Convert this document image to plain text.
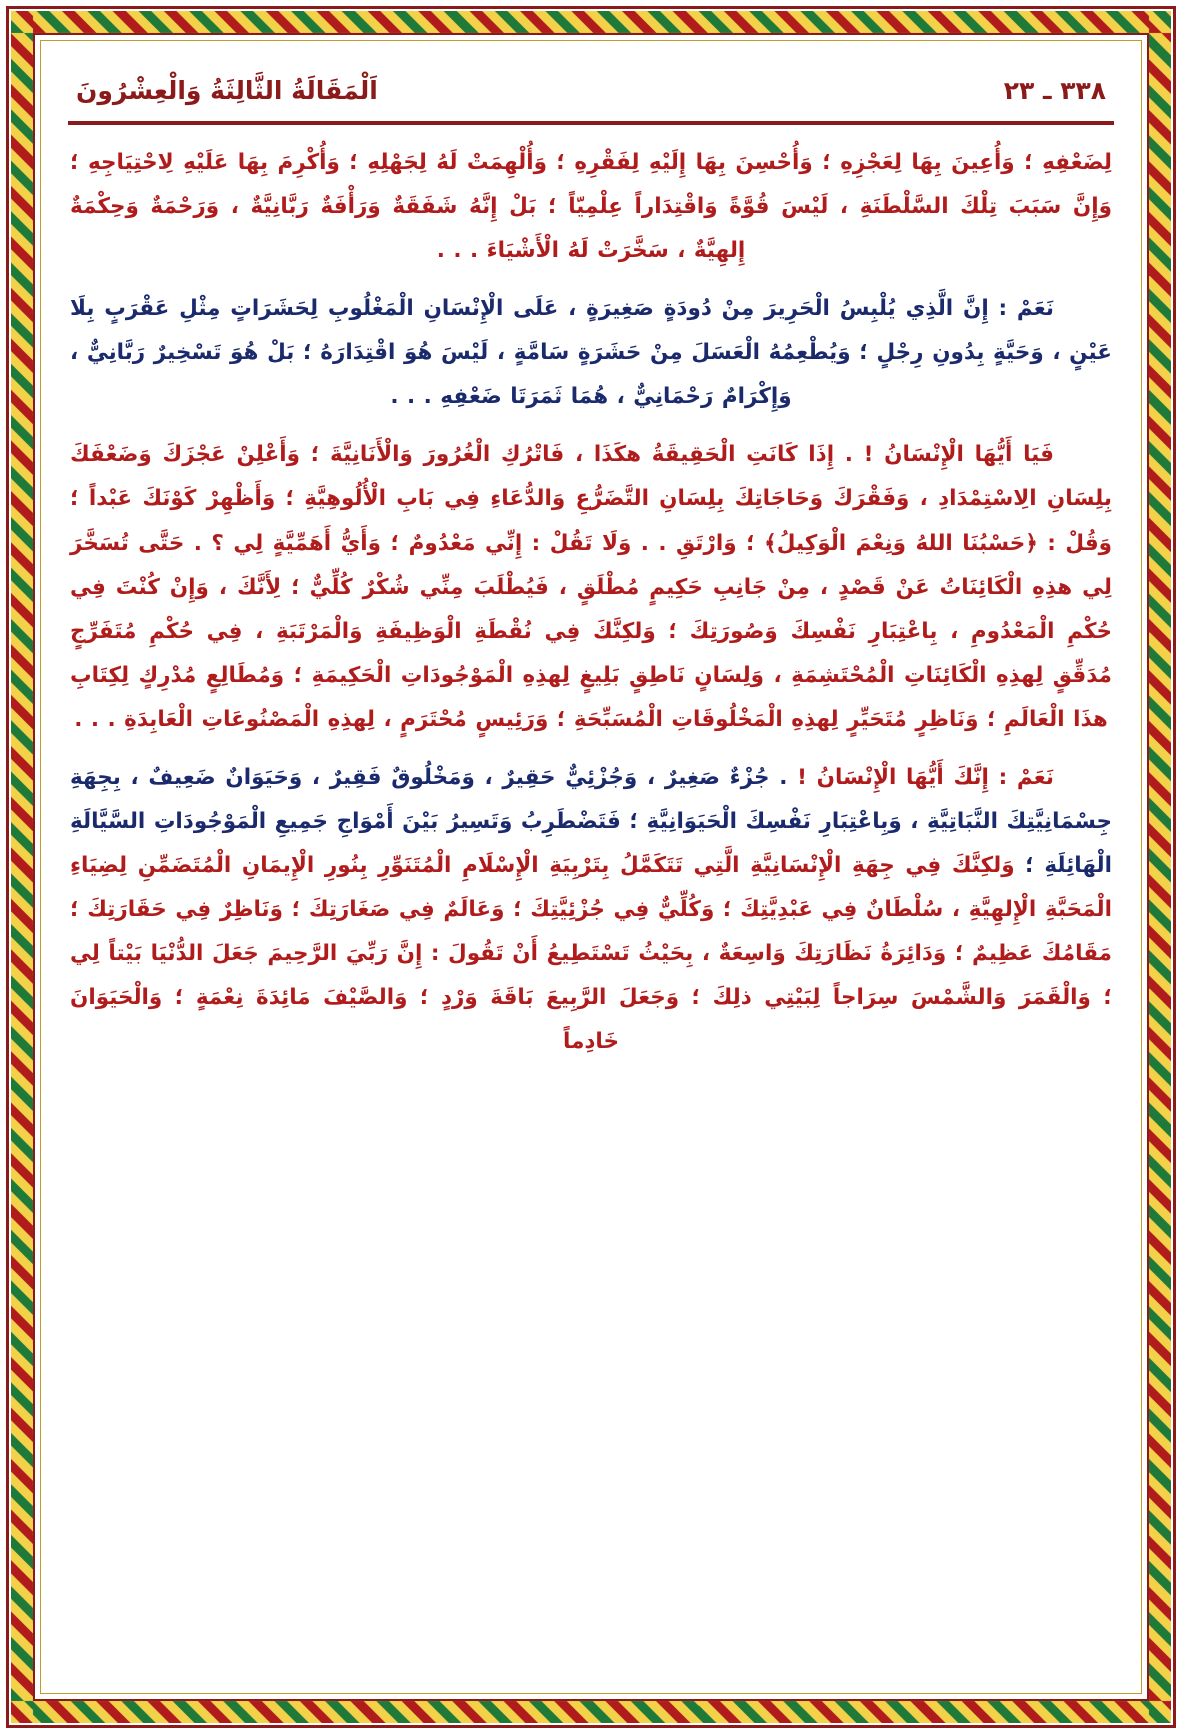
اَلْمَقَالَةُ الثَّالِثَةُ وَالْعِشْرُونَ	٣٣٨ ـ ٢٣

لِضَعْفِهِ ؛ وَأُعِينَ بِهَا لِعَجْزِهِ ؛ وَأُحْسِنَ بِهَا إِلَيْهِ لِفَقْرِهِ ؛ وَأُلْهِمَتْ لَهُ لِجَهْلِهِ ؛ وَأُكْرِمَ بِهَا عَلَيْهِ لِاحْتِيَاجِهِ ؛ وَإِنَّ سَبَبَ تِلْكَ السَّلْطَنَةِ ، لَيْسَ قُوَّةً وَاقْتِدَاراً عِلْمِيّاً ؛ بَلْ إِنَّهُ شَفَقَةٌ وَرَأْفَةٌ رَبَّانِيَّةٌ ، وَرَحْمَةٌ وَحِكْمَةٌ إِلهِيَّةٌ ، سَخَّرَتْ لَهُ الْأَشْيَاءَ . . .

نَعَمْ : إِنَّ الَّذِي يُلْبِسُ الْحَرِيرَ مِنْ دُودَةٍ صَغِيرَةٍ ، عَلَى الْإِنْسَانِ الْمَغْلُوبِ لِحَشَرَاتٍ مِثْلِ عَقْرَبٍ بِلَا عَيْنٍ ، وَحَيَّةٍ بِدُونِ رِجْلٍ ؛ وَيُطْعِمُهُ الْعَسَلَ مِنْ حَشَرَةٍ سَامَّةٍ ، لَيْسَ هُوَ اقْتِدَارَهُ ؛ بَلْ هُوَ تَسْخِيرٌ رَبَّانِيٌّ ، وَإِكْرَامٌ رَحْمَانِيٌّ ، هُمَا ثَمَرَتَا ضَعْفِهِ . . .

فَيَا أَيُّهَا الْإِنْسَانُ ! . إِذَا كَانَتِ الْحَقِيقَةُ هكَذَا ، فَاتْرُكِ الْغُرُورَ وَالْأَنَانِيَّةَ ؛ وَأَعْلِنْ عَجْزَكَ وَضَعْفَكَ بِلِسَانِ الِاسْتِمْدَادِ ، وَفَقْرَكَ وَحَاجَاتِكَ بِلِسَانِ التَّضَرُّعِ وَالدُّعَاءِ فِي بَابِ الْأُلُوهِيَّةِ ؛ وَأَظْهِرْ كَوْنَكَ عَبْداً ؛ وَقُلْ : ﴿حَسْبُنَا اللهُ وَنِعْمَ الْوَكِيلُ﴾ ؛ وَارْتَقِ . . وَلَا تَقُلْ : إِنِّي مَعْدُومٌ ؛ وَأَيُّ أَهَمِّيَّةٍ لِي ؟ . حَتَّى تُسَخَّرَ لِي هذِهِ الْكَائِنَاتُ عَنْ قَصْدٍ ، مِنْ جَانِبِ حَكِيمٍ مُطْلَقٍ ، فَيُطْلَبَ مِنِّي شُكْرٌ كُلِّيٌّ ؛ لِأَنَّكَ ، وَإِنْ كُنْتَ فِي حُكْمِ الْمَعْدُومِ ، بِاعْتِبَارِ نَفْسِكَ وَصُورَتِكَ ؛ وَلكِنَّكَ فِي نُقْطَةِ الْوَظِيفَةِ وَالْمَرْتَبَةِ ، فِي حُكْمِ مُتَفَرِّجٍ مُدَقِّقٍ لِهذِهِ الْكَائِنَاتِ الْمُحْتَشِمَةِ ، وَلِسَانٍ نَاطِقٍ بَلِيغٍ لِهذِهِ الْمَوْجُودَاتِ الْحَكِيمَةِ ؛ وَمُطَالِعٍ مُدْرِكٍ لِكِتَابِ هذَا الْعَالَمِ ؛ وَنَاظِرٍ مُتَحَيِّرٍ لِهذِهِ الْمَخْلُوقَاتِ الْمُسَبِّحَةِ ؛ وَرَئِيسٍ مُحْتَرَمٍ ، لِهذِهِ الْمَصْنُوعَاتِ الْعَابِدَةِ . . .

نَعَمْ : إِنَّكَ أَيُّهَا الْإِنْسَانُ ! . جُزْءٌ صَغِيرٌ ، وَجُزْئِيٌّ حَقِيرٌ ، وَمَخْلُوقٌ فَقِيرٌ ، وَحَيَوَانٌ ضَعِيفٌ ، بِجِهَةِ جِسْمَانِيَّتِكَ النَّبَاتِيَّةِ ، وَبِاعْتِبَارِ نَفْسِكَ الْحَيَوَانِيَّةِ ؛ فَتَضْطَرِبُ وَتَسِيرُ بَيْنَ أَمْوَاجِ جَمِيعِ الْمَوْجُودَاتِ السَّيَّالَةِ الْهَائِلَةِ ؛ وَلكِنَّكَ فِي جِهَةِ الْإِنْسَانِيَّةِ الَّتِي تَتَكَمَّلُ بِتَرْبِيَةِ الْإِسْلَامِ الْمُتَنَوِّرِ بِنُورِ الْإِيمَانِ الْمُتَضَمِّنِ لِضِيَاءِ الْمَحَبَّةِ الْإِلهِيَّةِ ، سُلْطَانٌ فِي عَبْدِيَّتِكَ ؛ وَكُلِّيٌّ فِي جُزْئِيَّتِكَ ؛ وَعَالَمٌ فِي صَغَارَتِكَ ؛ وَنَاظِرٌ فِي حَقَارَتِكَ ؛ مَقَامُكَ عَظِيمٌ ؛ وَدَائِرَةُ نَظَارَتِكَ وَاسِعَةٌ ، بِحَيْثُ تَسْتَطِيعُ أَنْ تَقُولَ : إِنَّ رَبِّيَ الرَّحِيمَ جَعَلَ الدُّنْيَا بَيْتاً لِي ؛ وَالْقَمَرَ وَالشَّمْسَ سِرَاجاً لِبَيْتِي ذلِكَ ؛ وَجَعَلَ الرَّبِيعَ بَاقَةَ وَرْدٍ ؛ وَالصَّيْفَ مَائِدَةَ نِعْمَةٍ ؛ وَالْحَيَوَانَ خَادِماً
